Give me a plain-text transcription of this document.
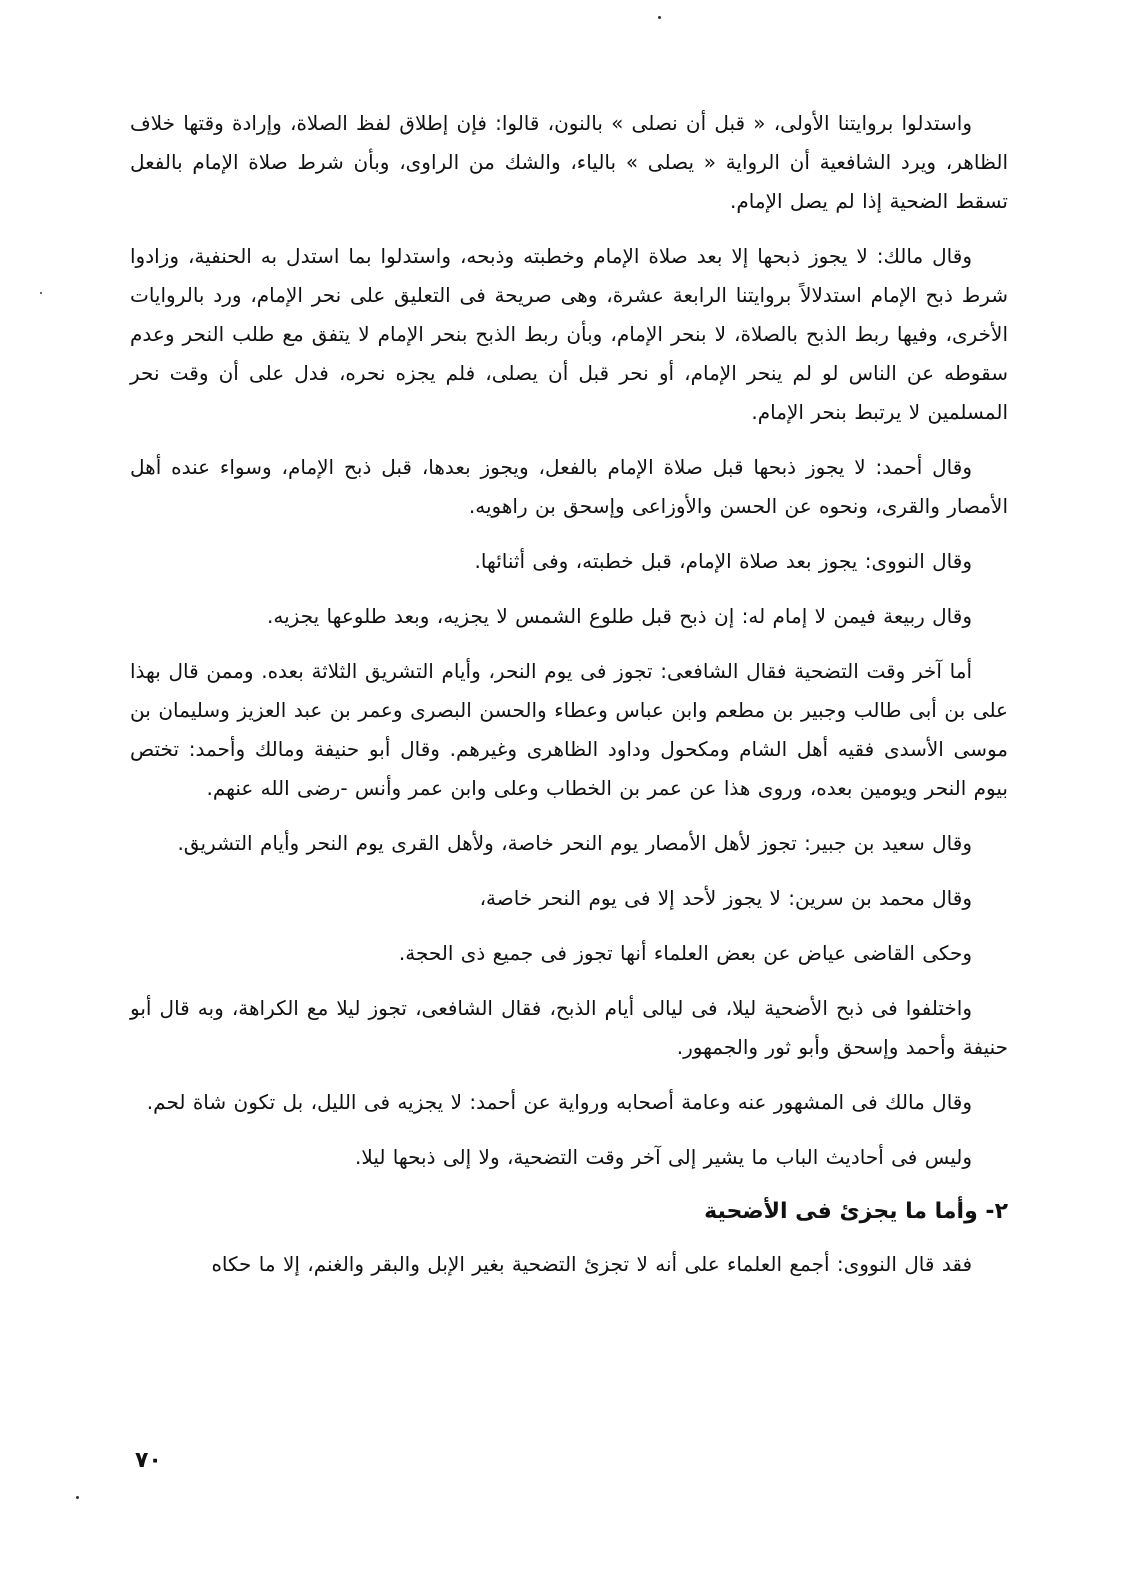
واستدلوا بروايتنا الأولى، « قبل أن نصلى » بالنون، قالوا: فإن إطلاق لفظ الصلاة، وإرادة وقتها خلاف الظاهر، ويرد الشافعية أن الرواية « يصلى » بالياء، والشك من الراوى، وبأن شرط صلاة الإمام بالفعل تسقط الضحية إذا لم يصل الإمام.

وقال مالك: لا يجوز ذبحها إلا بعد صلاة الإمام وخطبته وذبحه، واستدلوا بما استدل به الحنفية، وزادوا شرط ذبح الإمام استدلالاً بروايتنا الرابعة عشرة، وهى صريحة فى التعليق على نحر الإمام، ورد بالروايات الأخرى، وفيها ربط الذبح بالصلاة، لا بنحر الإمام، وبأن ربط الذبح بنحر الإمام لا يتفق مع طلب النحر وعدم سقوطه عن الناس لو لم ينحر الإمام، أو نحر قبل أن يصلى، فلم يجزه نحره، فدل على أن وقت نحر المسلمين لا يرتبط بنحر الإمام.

وقال أحمد: لا يجوز ذبحها قبل صلاة الإمام بالفعل، ويجوز بعدها، قبل ذبح الإمام، وسواء عنده أهل الأمصار والقرى، ونحوه عن الحسن والأوزاعى وإسحق بن راهويه.

وقال النووى: يجوز بعد صلاة الإمام، قبل خطبته، وفى أثنائها.

وقال ربيعة فيمن لا إمام له: إن ذبح قبل طلوع الشمس لا يجزيه، وبعد طلوعها يجزيه.

أما آخر وقت التضحية فقال الشافعى: تجوز فى يوم النحر، وأيام التشريق الثلاثة بعده. وممن قال بهذا على بن أبى طالب وجبير بن مطعم وابن عباس وعطاء والحسن البصرى وعمر بن عبد العزيز وسليمان بن موسى الأسدى فقيه أهل الشام ومكحول وداود الظاهرى وغيرهم. وقال أبو حنيفة ومالك وأحمد: تختص بيوم النحر ويومين بعده، وروى هذا عن عمر بن الخطاب وعلى وابن عمر وأنس -رضى الله عنهم.

وقال سعيد بن جبير: تجوز لأهل الأمصار يوم النحر خاصة، ولأهل القرى يوم النحر وأيام التشريق.

وقال محمد بن سرين: لا يجوز لأحد إلا فى يوم النحر خاصة،

وحكى القاضى عياض عن بعض العلماء أنها تجوز فى جميع ذى الحجة.

واختلفوا فى ذبح الأضحية ليلا، فى ليالى أيام الذبح، فقال الشافعى، تجوز ليلا مع الكراهة، وبه قال أبو حنيفة وأحمد وإسحق وأبو ثور والجمهور.

وقال مالك فى المشهور عنه وعامة أصحابه ورواية عن أحمد: لا يجزيه فى الليل، بل تكون شاة لحم.

وليس فى أحاديث الباب ما يشير إلى آخر وقت التضحية، ولا إلى ذبحها ليلا.

٢- وأما ما يجزئ فى الأضحية

فقد قال النووى: أجمع العلماء على أنه لا تجزئ التضحية بغير الإبل والبقر والغنم، إلا ما حكاه

٧٠
